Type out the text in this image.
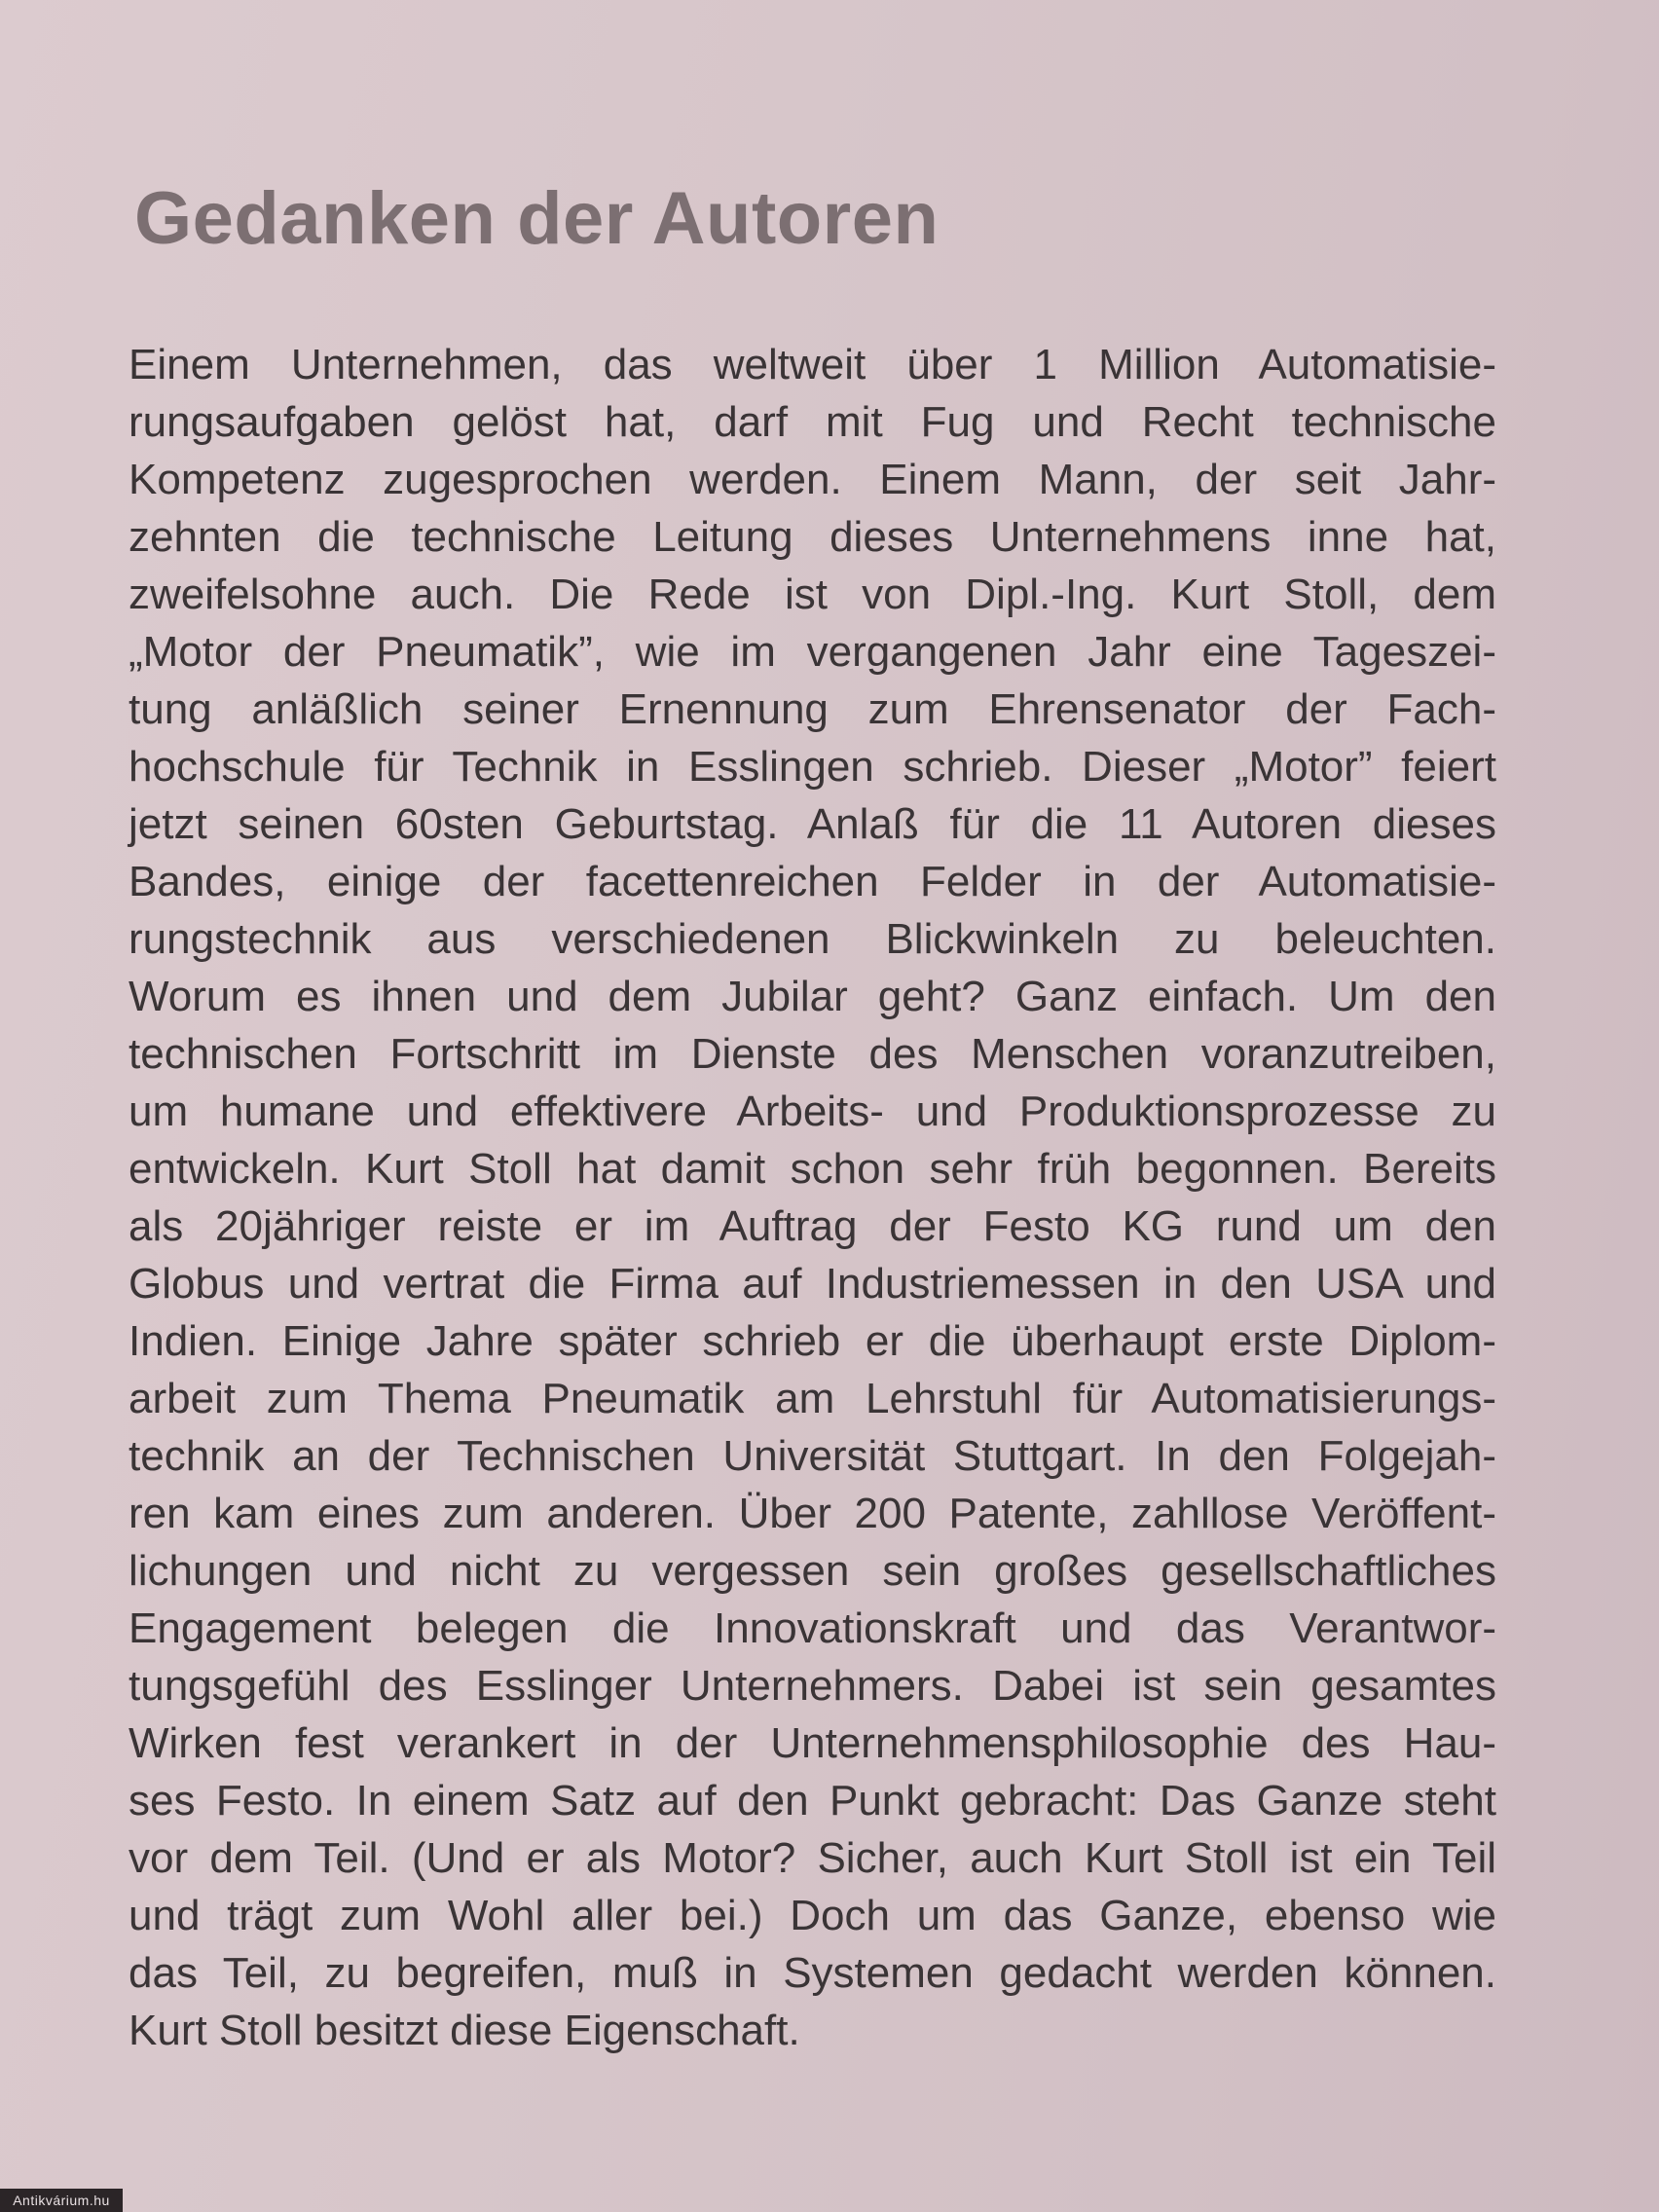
Gedanken der Autoren
Einem Unternehmen, das weltweit über 1 Million Automatisie-
rungsaufgaben gelöst hat, darf mit Fug und Recht technische
Kompetenz zugesprochen werden. Einem Mann, der seit Jahr-
zehnten die technische Leitung dieses Unternehmens inne hat,
zweifelsohne auch. Die Rede ist von Dipl.-Ing. Kurt Stoll, dem
„Motor der Pneumatik”, wie im vergangenen Jahr eine Tageszei-
tung anläßlich seiner Ernennung zum Ehrensenator der Fach-
hochschule für Technik in Esslingen schrieb. Dieser „Motor” feiert
jetzt seinen 60sten Geburtstag. Anlaß für die 11 Autoren dieses
Bandes, einige der facettenreichen Felder in der Automatisie-
rungstechnik aus verschiedenen Blickwinkeln zu beleuchten.
Worum es ihnen und dem Jubilar geht? Ganz einfach. Um den
technischen Fortschritt im Dienste des Menschen voranzutreiben,
um humane und effektivere Arbeits- und Produktionsprozesse zu
entwickeln. Kurt Stoll hat damit schon sehr früh begonnen. Bereits
als 20jähriger reiste er im Auftrag der Festo KG rund um den
Globus und vertrat die Firma auf Industriemessen in den USA und
Indien. Einige Jahre später schrieb er die überhaupt erste Diplom-
arbeit zum Thema Pneumatik am Lehrstuhl für Automatisierungs-
technik an der Technischen Universität Stuttgart. In den Folgejah-
ren kam eines zum anderen. Über 200 Patente, zahllose Veröffent-
lichungen und nicht zu vergessen sein großes gesellschaftliches
Engagement belegen die Innovationskraft und das Verantwor-
tungsgefühl des Esslinger Unternehmers. Dabei ist sein gesamtes
Wirken fest verankert in der Unternehmensphilosophie des Hau-
ses Festo. In einem Satz auf den Punkt gebracht: Das Ganze steht
vor dem Teil. (Und er als Motor? Sicher, auch Kurt Stoll ist ein Teil
und trägt zum Wohl aller bei.) Doch um das Ganze, ebenso wie
das Teil, zu begreifen, muß in Systemen gedacht werden können.
Kurt Stoll besitzt diese Eigenschaft.
Antikvárium.hu
